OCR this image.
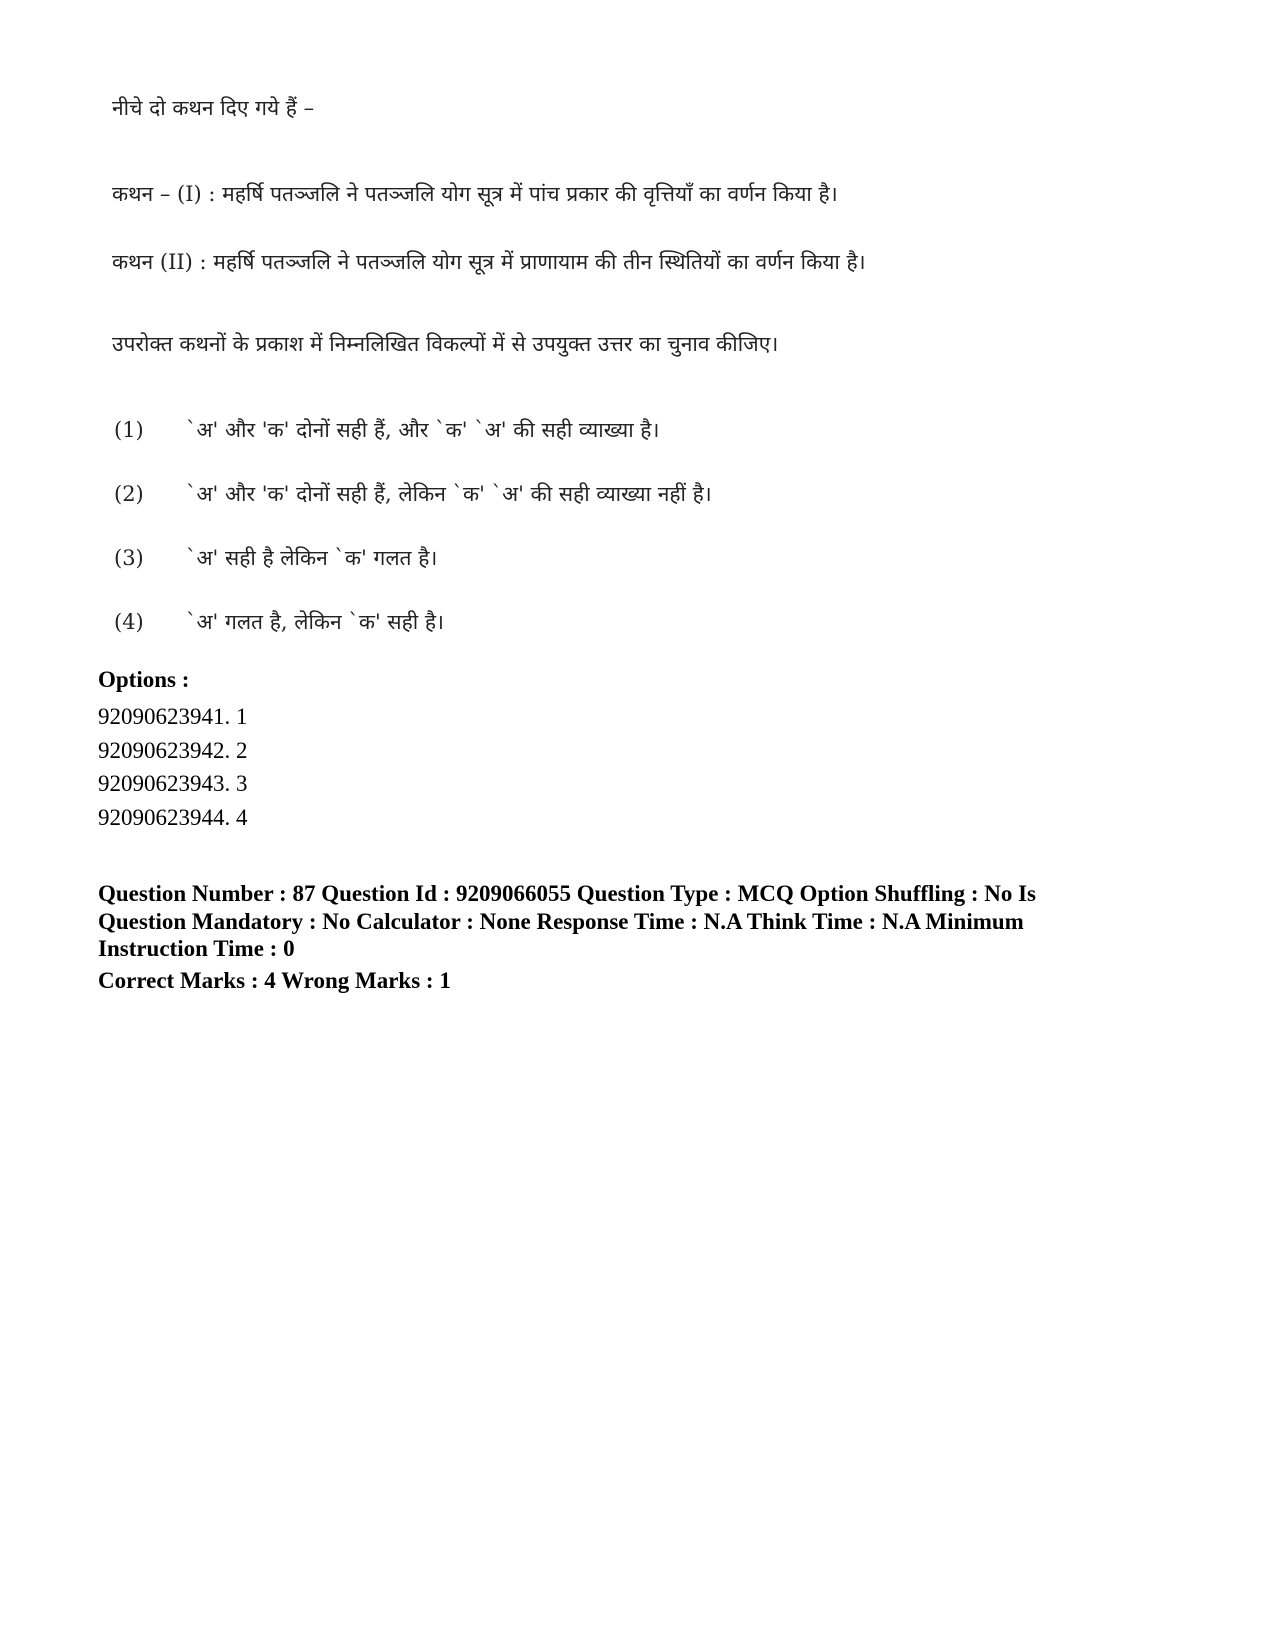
नीचे दो कथन दिए गये हैं –
कथन – (I) : महर्षि पतञ्जलि ने पतञ्जलि योग सूत्र में पांच प्रकार की वृत्तियाँ का वर्णन किया है।
कथन (II) : महर्षि पतञ्जलि ने पतञ्जलि योग सूत्र में प्राणायाम की तीन स्थितियों का वर्णन किया है।
उपरोक्त कथनों के प्रकाश में निम्नलिखित विकल्पों में से उपयुक्त उत्तर का चुनाव कीजिए।
(1) `अ' और 'क' दोनों सही हैं, और `क' `अ' की सही व्याख्या है।
(2) `अ' और 'क' दोनों सही हैं, लेकिन `क' `अ' की सही व्याख्या नहीं है।
(3) `अ' सही है लेकिन `क' गलत है।
(4) `अ' गलत है, लेकिन `क' सही है।
Options :
92090623941. 1
92090623942. 2
92090623943. 3
92090623944. 4
Question Number : 87 Question Id : 9209066055 Question Type : MCQ Option Shuffling : No Is Question Mandatory : No Calculator : None Response Time : N.A Think Time : N.A Minimum Instruction Time : 0
Correct Marks : 4 Wrong Marks : 1
